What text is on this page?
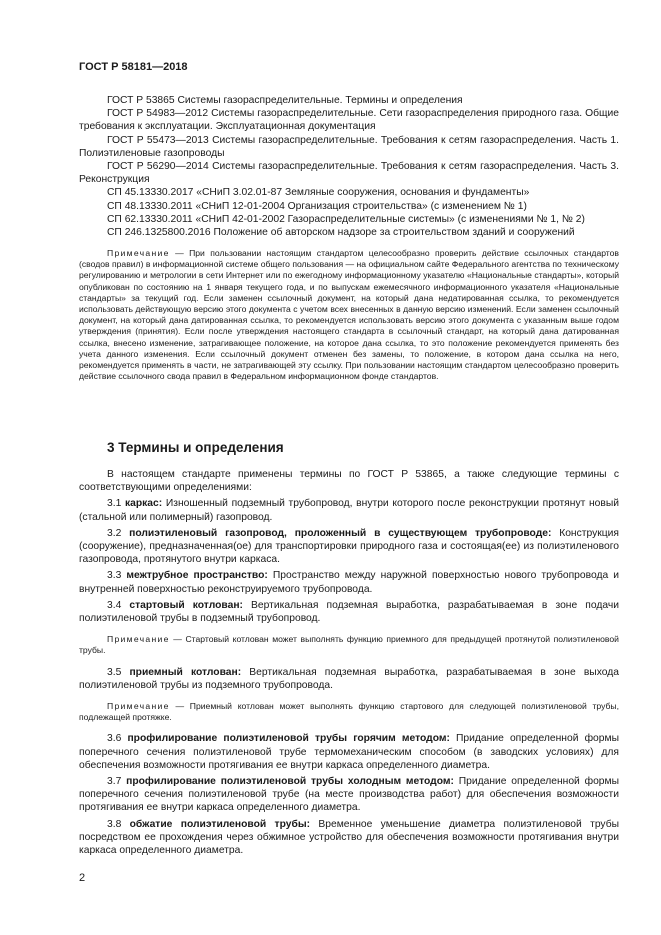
ГОСТ Р 58181—2018

ГОСТ Р 53865 Системы газораспределительные. Термины и определения

ГОСТ Р 54983—2012 Системы газораспределительные. Сети газораспределения природного газа. Общие требования к эксплуатации. Эксплуатационная документация

ГОСТ Р 55473—2013 Системы газораспределительные. Требования к сетям газораспределения. Часть 1. Полиэтиленовые газопроводы

ГОСТ Р 56290—2014 Системы газораспределительные. Требования к сетям газораспределения. Часть 3. Реконструкция

СП 45.13330.2017 «СНиП 3.02.01-87 Земляные сооружения, основания и фундаменты»

СП 48.13330.2011 «СНиП 12-01-2004 Организация строительства» (с изменением № 1)

СП 62.13330.2011 «СНиП 42-01-2002 Газораспределительные системы» (с изменениями № 1, № 2)

СП 246.1325800.2016 Положение об авторском надзоре за строительством зданий и сооружений

Примечание — При пользовании настоящим стандартом целесообразно проверить действие ссылочных стандартов (сводов правил) в информационной системе общего пользования — на официальном сайте Федерального агентства по техническому регулированию и метрологии в сети Интернет или по ежегодному информационному указателю «Национальные стандарты», который опубликован по состоянию на 1 января текущего года, и по выпускам ежемесячного информационного указателя «Национальные стандарты» за текущий год. Если заменен ссылочный документ, на который дана недатированная ссылка, то рекомендуется использовать действующую версию этого документа с учетом всех внесенных в данную версию изменений. Если заменен ссылочный документ, на который дана датированная ссылка, то рекомендуется использовать версию этого документа с указанным выше годом утверждения (принятия). Если после утверждения настоящего стандарта в ссылочный стандарт, на который дана датированная ссылка, внесено изменение, затрагивающее положение, на которое дана ссылка, то это положение рекомендуется применять без учета данного изменения. Если ссылочный документ отменен без замены, то положение, в котором дана ссылка на него, рекомендуется применять в части, не затрагивающей эту ссылку. При пользовании настоящим стандартом целесообразно проверить действие ссылочного свода правил в Федеральном информационном фонде стандартов.

3 Термины и определения

В настоящем стандарте применены термины по ГОСТ Р 53865, а также следующие термины с соответствующими определениями:

3.1 каркас: Изношенный подземный трубопровод, внутри которого после реконструкции протянут новый (стальной или полимерный) газопровод.

3.2 полиэтиленовый газопровод, проложенный в существующем трубопроводе: Конструкция (сооружение), предназначенная(ое) для транспортировки природного газа и состоящая(ее) из полиэтиленового газопровода, протянутого внутри каркаса.

3.3 межтрубное пространство: Пространство между наружной поверхностью нового трубопровода и внутренней поверхностью реконструируемого трубопровода.

3.4 стартовый котлован: Вертикальная подземная выработка, разрабатываемая в зоне подачи полиэтиленовой трубы в подземный трубопровод.

Примечание — Стартовый котлован может выполнять функцию приемного для предыдущей протянутой полиэтиленовой трубы.

3.5 приемный котлован: Вертикальная подземная выработка, разрабатываемая в зоне выхода полиэтиленовой трубы из подземного трубопровода.

Примечание — Приемный котлован может выполнять функцию стартового для следующей полиэтиленовой трубы, подлежащей протяжке.

3.6 профилирование полиэтиленовой трубы горячим методом: Придание определенной формы поперечного сечения полиэтиленовой трубе термомеханическим способом (в заводских условиях) для обеспечения возможности протягивания ее внутри каркаса определенного диаметра.

3.7 профилирование полиэтиленовой трубы холодным методом: Придание определенной формы поперечного сечения полиэтиленовой трубе (на месте производства работ) для обеспечения возможности протягивания ее внутри каркаса определенного диаметра.

3.8 обжатие полиэтиленовой трубы: Временное уменьшение диаметра полиэтиленовой трубы посредством ее прохождения через обжимное устройство для обеспечения возможности протягивания внутри каркаса определенного диаметра.

2
